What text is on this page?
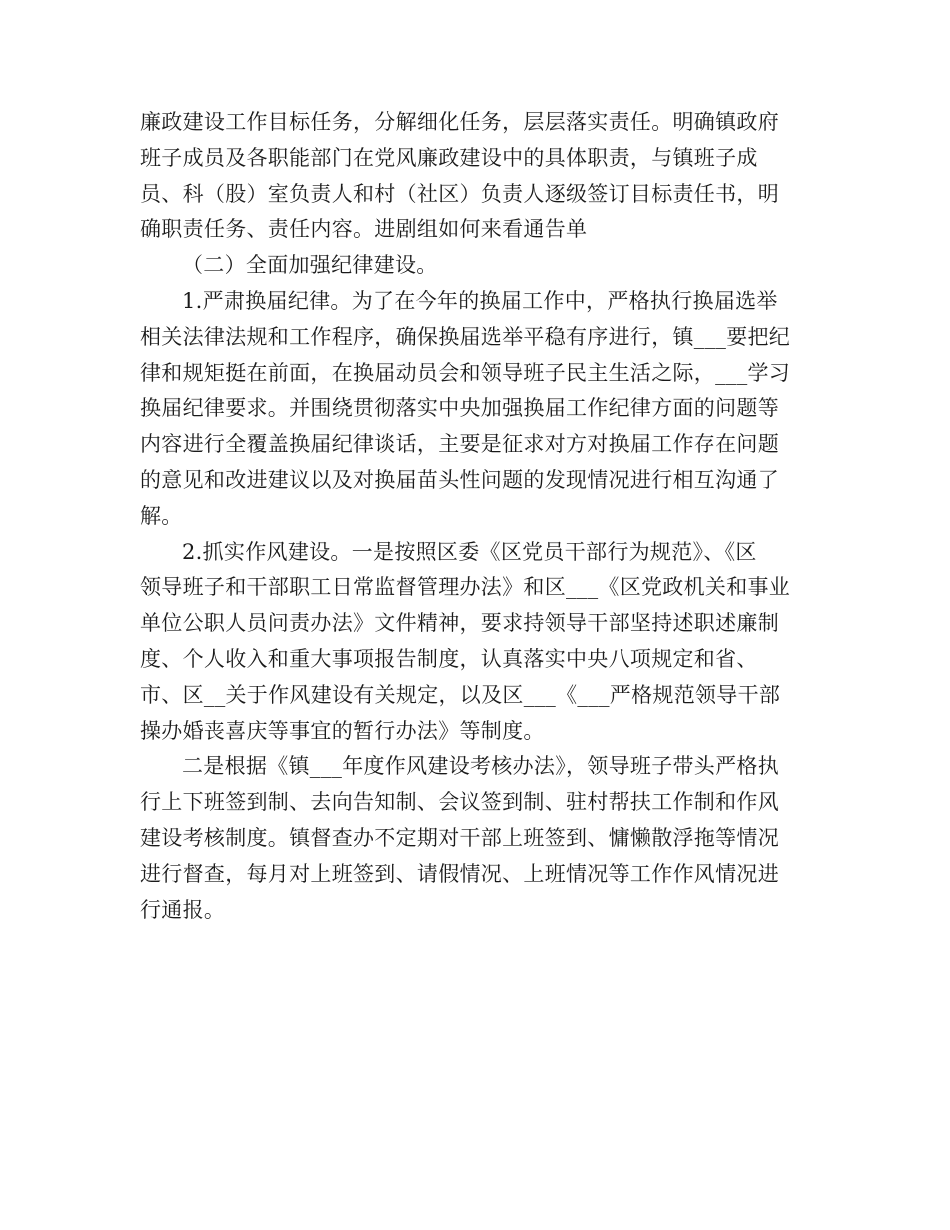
廉政建设工作目标任务，分解细化任务，层层落实责任。明确镇政府
班子成员及各职能部门在党风廉政建设中的具体职责，与镇班子成
员、科（股）室负责人和村（社区）负责人逐级签订目标责任书，明
确职责任务、责任内容。进剧组如何来看通告单
（二）全面加强纪律建设。
1.严肃换届纪律。为了在今年的换届工作中，严格执行换届选举
相关法律法规和工作程序，确保换届选举平稳有序进行，镇___要把纪
律和规矩挺在前面，在换届动员会和领导班子民主生活之际，___学习
换届纪律要求。并围绕贯彻落实中央加强换届工作纪律方面的问题等
内容进行全覆盖换届纪律谈话，主要是征求对方对换届工作存在问题
的意见和改进建议以及对换届苗头性问题的发现情况进行相互沟通了
解。
2.抓实作风建设。一是按照区委《区党员干部行为规范》、《区
领导班子和干部职工日常监督管理办法》和区___《区党政机关和事业
单位公职人员问责办法》文件精神，要求持领导干部坚持述职述廉制
度、个人收入和重大事项报告制度，认真落实中央八项规定和省、
市、区__关于作风建设有关规定，以及区___《___严格规范领导干部
操办婚丧喜庆等事宜的暂行办法》等制度。
二是根据《镇___年度作风建设考核办法》，领导班子带头严格执
行上下班签到制、去向告知制、会议签到制、驻村帮扶工作制和作风
建设考核制度。镇督查办不定期对干部上班签到、慵懒散浮拖等情况
进行督查，每月对上班签到、请假情况、上班情况等工作作风情况进
行通报。
